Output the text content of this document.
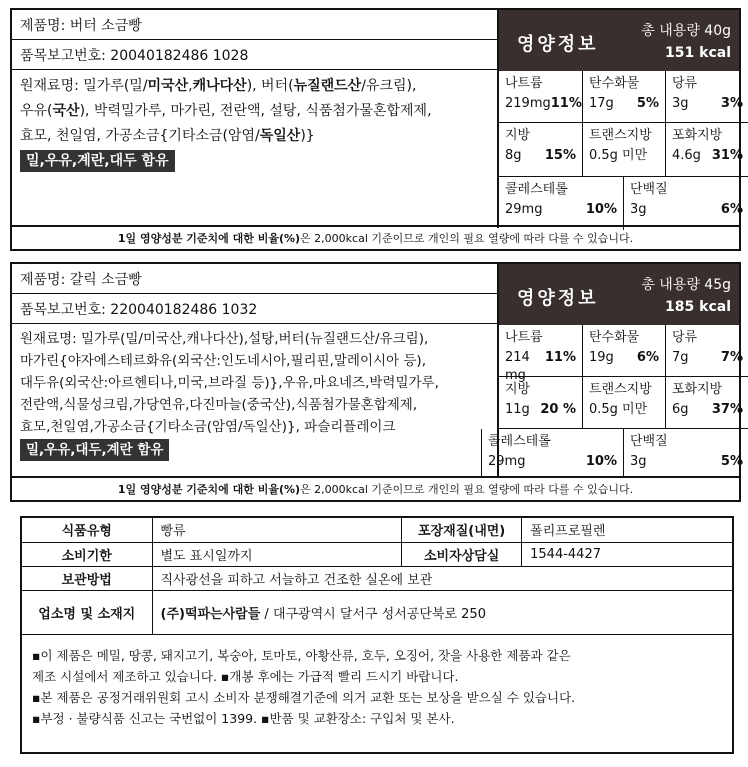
제품명: 버터 소금빵
품목보고번호: 20040182486 1028
원재료명: 밀가루(밀/미국산,캐나다산), 버터(뉴질랜드산/유크림),
우유(국산), 박력밀가루, 마가린, 전란액, 설탕, 식품첨가물혼합제제,
효모, 천일염, 가공소금{기타소금(암염/독일산)}
밀,우유,계란,대두 함유
영양정보
총 내용량 40g
151 kcal
나트륨
219mg 11%
탄수화물
17g 5%
당류
3g 3%
지방
8g 15%
트랜스지방
0.5g 미만
포화지방
4.6g 31%
콜레스테롤
29mg	10%
단백질
3g	6%
1일 영양성분 기준치에 대한 비율(%) 은 2,000kcal 기준이므로 개인의 필요 열량에 따라 다를 수 있습니다.
제품명: 갈릭 소금빵
품목보고번호: 220040182486 1032
원재료명: 밀가루(밀/미국산,캐나다산),설탕,버터(뉴질랜드산/유크림),
마가린{야자에스테르화유(외국산:인도네시아,필리핀,말레이시아 등),
대두유(외국산:아르헨티나,미국,브라질 등)},우유,마요네즈,박력밀가루,
전란액,식물성크림,가당연유,다진마늘(중국산),식품첨가물혼합제제,
효모,천일염,가공소금{기타소금(암염/독일산)}, 파슬리플레이크
밀,우유,대두,계란 함유
영양정보
총 내용량 45g
185 kcal
나트륨
214 mg
11%
탄수화물
19g 6%
당류
7g 7%
지방
11g 20 %
트랜스지방
0.5g 미만
포화지방
6g 37%
콜레스테롤
29mg	10%
단백질
3g	5%
1일 영양성분 기준치에 대한 비율(%) 은 2,000kcal 기준이므로 개인의 필요 열량에 따라 다를 수 있습니다.
식품유형	빵류	포장재질(내면)	폴리프로필렌
소비기한	별도 표시일까지	소비자상담실	1544-4427
보관방법	직사광선을 피하고 서늘하고 건조한 실온에 보관		
업소명 및 소재지	(주)떡파는사람들 / 대구광역시 달서구 성서공단북로 250		
▪이 제품은 메밀, 땅콩, 돼지고기, 복숭아, 토마토, 아황산류, 호두, 오징어, 잣을 사용한 제품과 같은
제조 시설에서 제조하고 있습니다. ▪개봉 후에는 가급적 빨리 드시기 바랍니다.
▪본 제품은 공정거래위원회 고시 소비자 분쟁해결기준에 의거 교환 또는 보상을 받으실 수 있습니다.
▪부정 · 불량식품 신고는 국번없이 1399. ▪반품 및 교환장소: 구입처 및 본사.
